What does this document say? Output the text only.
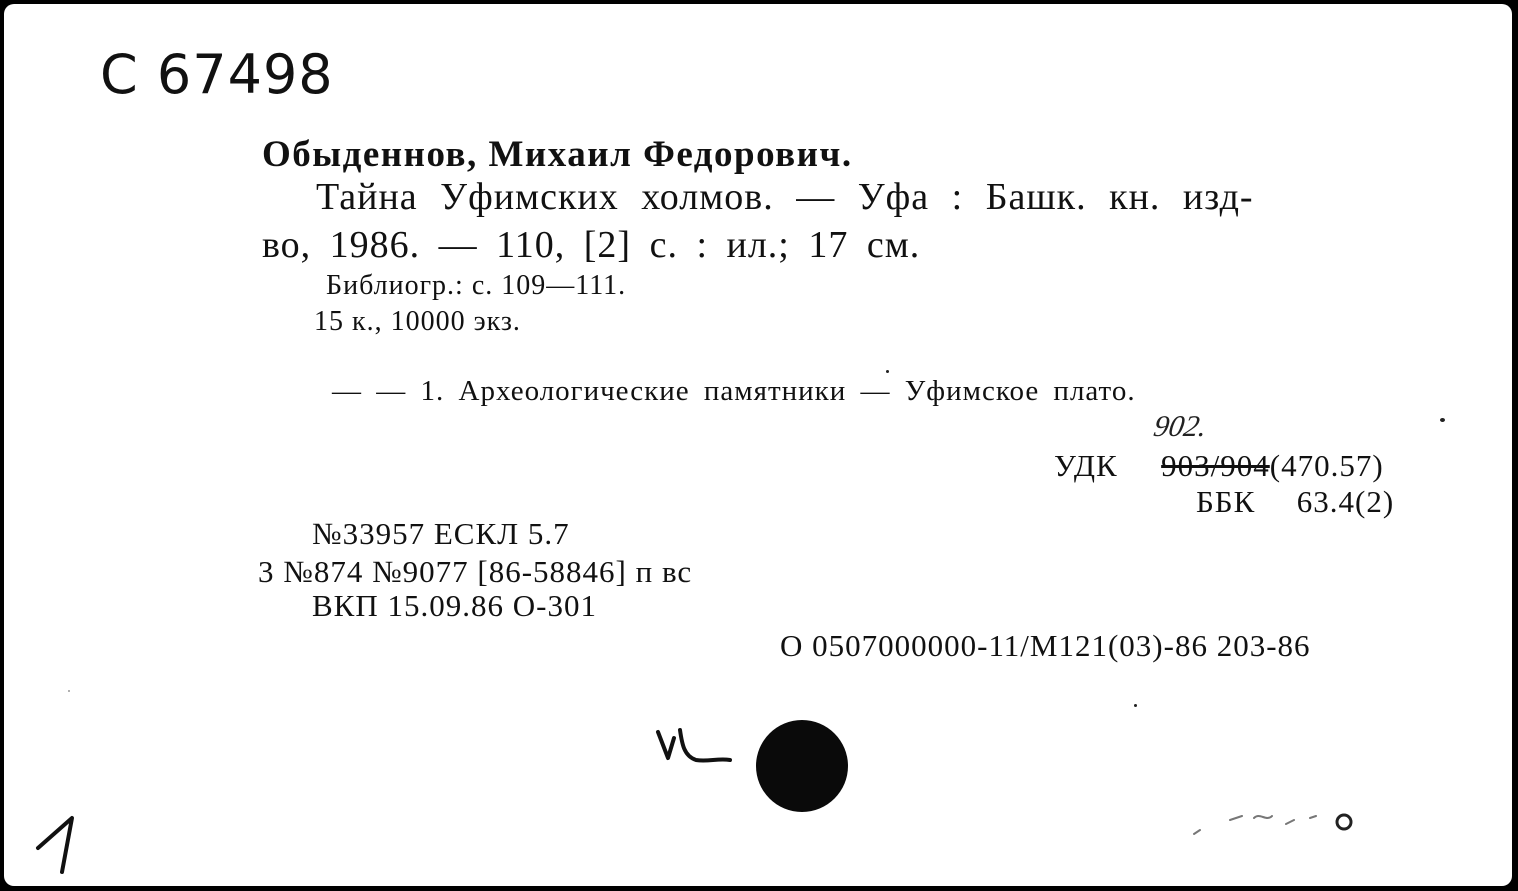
С 67498

Обыденнов, Михаил Федорович.

Тайна Уфимских холмов. — Уфа : Башк. кн. изд-

во, 1986. — 110, [2] с. : ил.; 17 см.

Библиогр.: с. 109—111.

15 к., 10000 экз.

— — 1. Археологические памятники — Уфимское плато.

902.

УДК 903/904(470.57)

ББК 63.4(2)

№33957 ЕСКЛ 5.7

3 №874 №9077 [86-58846] п вс

ВКП 15.09.86 О-301

О 0507000000-11/М121(03)-86 203-86
